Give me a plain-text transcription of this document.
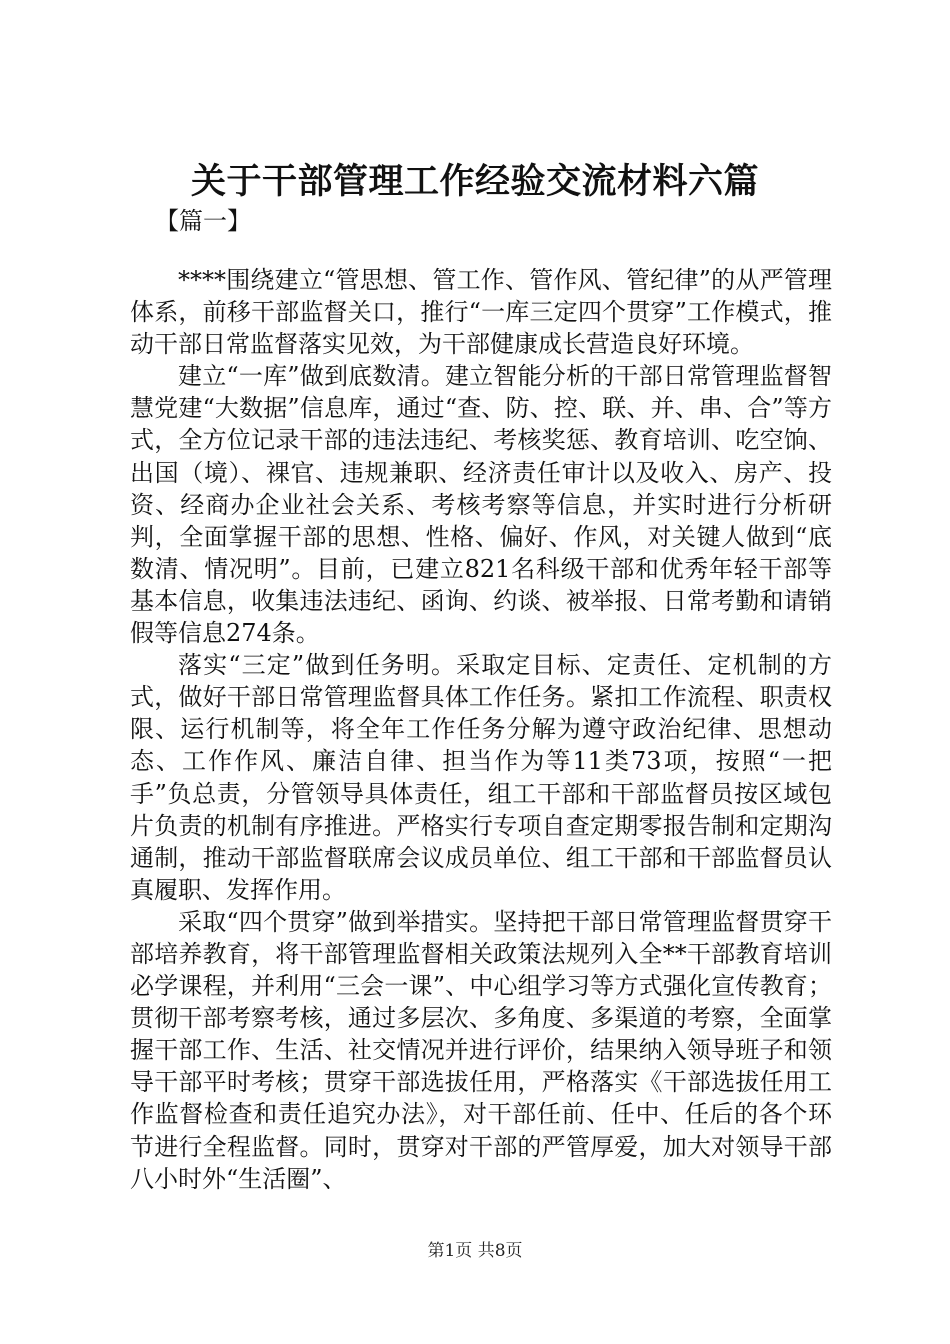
关于干部管理工作经验交流材料六篇
【篇一】

****围绕建立“管思想、管工作、管作风、管纪律”的从严管理体系，前移干部监督关口，推行“一库三定四个贯穿”工作模式，推动干部日常监督落实见效，为干部健康成长营造良好环境。

建立“一库”做到底数清。建立智能分析的干部日常管理监督智慧党建“大数据”信息库，通过“查、防、控、联、并、串、合”等方式，全方位记录干部的违法违纪、考核奖惩、教育培训、吃空饷、出国（境）、裸官、违规兼职、经济责任审计以及收入、房产、投资、经商办企业社会关系、考核考察等信息，并实时进行分析研判，全面掌握干部的思想、性格、偏好、作风，对关键人做到“底数清、情况明”。目前，已建立821名科级干部和优秀年轻干部等基本信息，收集违法违纪、函询、约谈、被举报、日常考勤和请销假等信息274条。

落实“三定”做到任务明。采取定目标、定责任、定机制的方式，做好干部日常管理监督具体工作任务。紧扣工作流程、职责权限、运行机制等，将全年工作任务分解为遵守政治纪律、思想动态、工作作风、廉洁自律、担当作为等11类73项，按照“一把手”负总责，分管领导具体责任，组工干部和干部监督员按区域包片负责的机制有序推进。严格实行专项自查定期零报告制和定期沟通制，推动干部监督联席会议成员单位、组工干部和干部监督员认真履职、发挥作用。

采取“四个贯穿”做到举措实。坚持把干部日常管理监督贯穿干部培养教育，将干部管理监督相关政策法规列入全**干部教育培训必学课程，并利用“三会一课”、中心组学习等方式强化宣传教育；贯彻干部考察考核，通过多层次、多角度、多渠道的考察，全面掌握干部工作、生活、社交情况并进行评价，结果纳入领导班子和领导干部平时考核；贯穿干部选拔任用，严格落实《干部选拔任用工作监督检查和责任追究办法》，对干部任前、任中、任后的各个环节进行全程监督。同时，贯穿对干部的严管厚爱，加大对领导干部八小时外“生活圈”、

第1页 共8页
